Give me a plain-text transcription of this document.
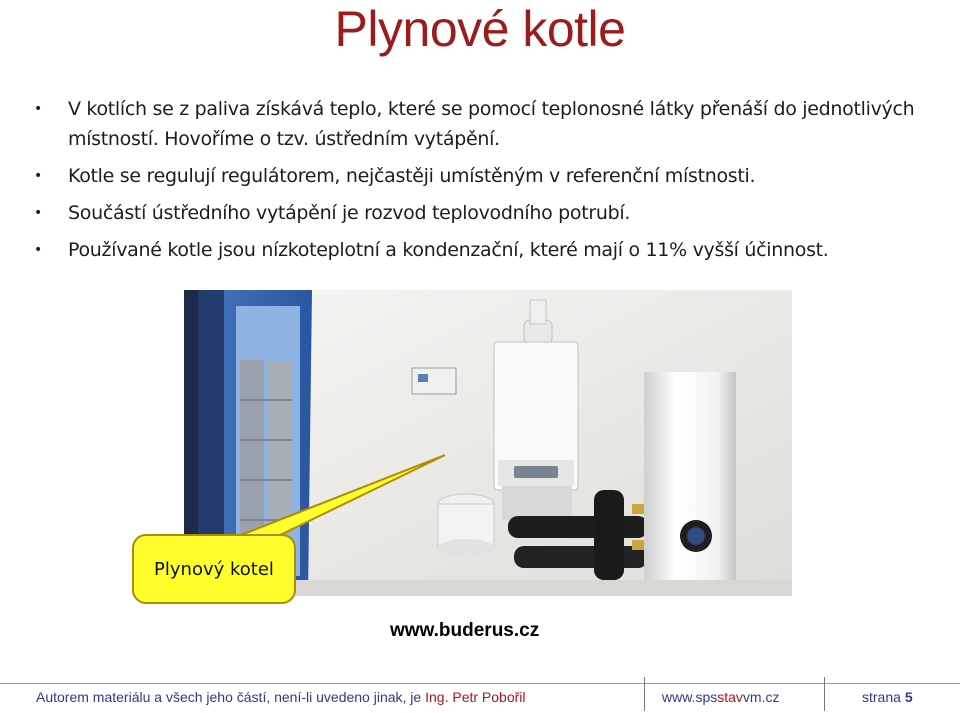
Plynové kotle
• V kotlích se z paliva získává teplo, které se pomocí teplonosné látky přenáší do jednotlivých místností. Hovoříme o tzv. ústředním vytápění.
• Kotle se regulují regulátorem, nejčastěji umístěným v referenční místnosti.
• Součástí ústředního vytápění je rozvod teplovodního potrubí.
• Používané kotle jsou nízkoteplotní a kondenzační, které mají o 11% vyšší účinnost.
Plynový kotel
www.buderus.cz
Autorem materiálu a všech jeho částí, není-li uvedeno jinak, je Ing. Petr Pobořil	www.spsstavvm.cz	strana 5
